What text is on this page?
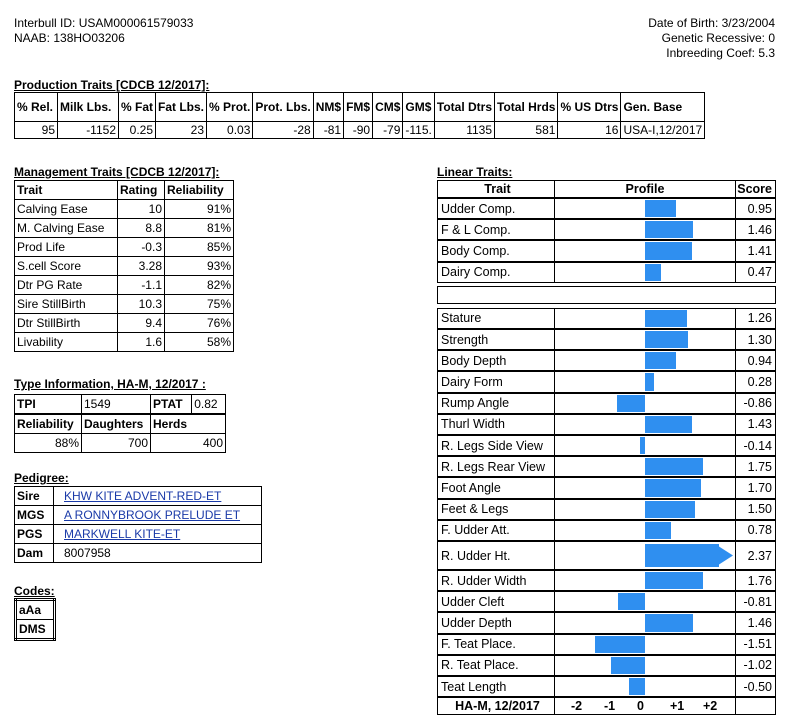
Interbull ID: USAM000061579033
NAAB: 138HO03206
Date of Birth: 3/23/2004
Genetic Recessive: 0
Inbreeding Coef: 5.3
Production Traits [CDCB 12/2017]:
% Rel.	Milk Lbs.	% Fat	Fat Lbs.	% Prot.	Prot. Lbs.	NM$	FM$	CM$	GM$	Total Dtrs	Total Hrds	% US Dtrs	Gen. Base
95	-1152	0.25	23	0.03	-28	-81	-90	-79	-115.	1135	581	16	USA-I,12/2017
Management Traits [CDCB 12/2017]:
Trait	Rating	Reliability
Calving Ease	10	91%
M. Calving Ease	8.8	81%
Prod Life	-0.3	85%
S.cell Score	3.28	93%
Dtr PG Rate	-1.1	82%
Sire StillBirth	10.3	75%
Dtr StillBirth	9.4	76%
Livability	1.6	58%
Type Information, HA-M, 12/2017 :
TPI	1549	PTAT	0.82
Reliability	Daughters	Herds
88%	700	400
Pedigree:
Sire	KHW KITE ADVENT-RED-ET
MGS	A RONNYBROOK PRELUDE ET
PGS	MARKWELL KITE-ET
Dam	8007958
Codes:
aAa
DMS
Linear Traits:
Trait	Profile	Score
Udder Comp.	0.95
F & L Comp.	1.46
Body Comp.	1.41
Dairy Comp.	0.47
Stature	1.26
Strength	1.30
Body Depth	0.94
Dairy Form	0.28
Rump Angle	-0.86
Thurl Width	1.43
R. Legs Side View	-0.14
R. Legs Rear View	1.75
Foot Angle	1.70
Feet & Legs	1.50
F. Udder Att.	0.78
R. Udder Ht.	2.37
R. Udder Width	1.76
Udder Cleft	-0.81
Udder Depth	1.46
F. Teat Place.	-1.51
R. Teat Place.	-1.02
Teat Length	-0.50
HA-M, 12/2017	-2 -1 0 +1 +2
